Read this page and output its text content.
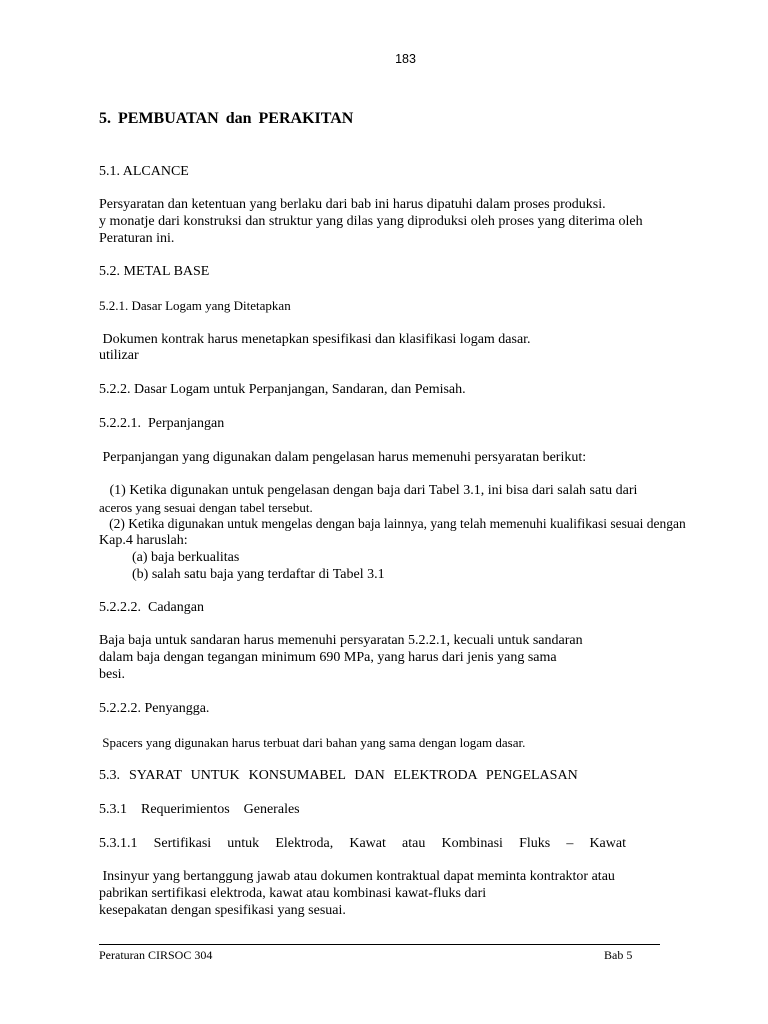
183
5. PEMBUATAN dan PERAKITAN
5.1. ALCANCE
Persyaratan dan ketentuan yang berlaku dari bab ini harus dipatuhi dalam proses produksi.
y monatje dari konstruksi dan struktur yang dilas yang diproduksi oleh proses yang diterima oleh
Peraturan ini.
5.2. METAL BASE
5.2.1. Dasar Logam yang Ditetapkan
Dokumen kontrak harus menetapkan spesifikasi dan klasifikasi logam dasar.
utilizar
5.2.2. Dasar Logam untuk Perpanjangan, Sandaran, dan Pemisah.
5.2.2.1.  Perpanjangan
Perpanjangan yang digunakan dalam pengelasan harus memenuhi persyaratan berikut:
(1) Ketika digunakan untuk pengelasan dengan baja dari Tabel 3.1, ini bisa dari salah satu dari
aceros yang sesuai dengan tabel tersebut.
(2) Ketika digunakan untuk mengelas dengan baja lainnya, yang telah memenuhi kualifikasi sesuai dengan
Kap.4 haruslah:
(a) baja berkualitas
(b) salah satu baja yang terdaftar di Tabel 3.1
5.2.2.2.  Cadangan
Baja baja untuk sandaran harus memenuhi persyaratan 5.2.2.1, kecuali untuk sandaran
dalam baja dengan tegangan minimum 690 MPa, yang harus dari jenis yang sama
besi.
5.2.2.2. Penyangga.
Spacers yang digunakan harus terbuat dari bahan yang sama dengan logam dasar.
5.3.  SYARAT  UNTUK  KONSUMABEL  DAN  ELEKTRODA  PENGELASAN
5.3.1    Requerimientos    Generales
5.3.1.1 Sertifikasi untuk Elektroda, Kawat atau Kombinasi Fluks – Kawat
Insinyur yang bertanggung jawab atau dokumen kontraktual dapat meminta kontraktor atau
pabrikan sertifikasi elektroda, kawat atau kombinasi kawat-fluks dari
kesepakatan dengan spesifikasi yang sesuai.
Peraturan CIRSOC 304	Bab 5
